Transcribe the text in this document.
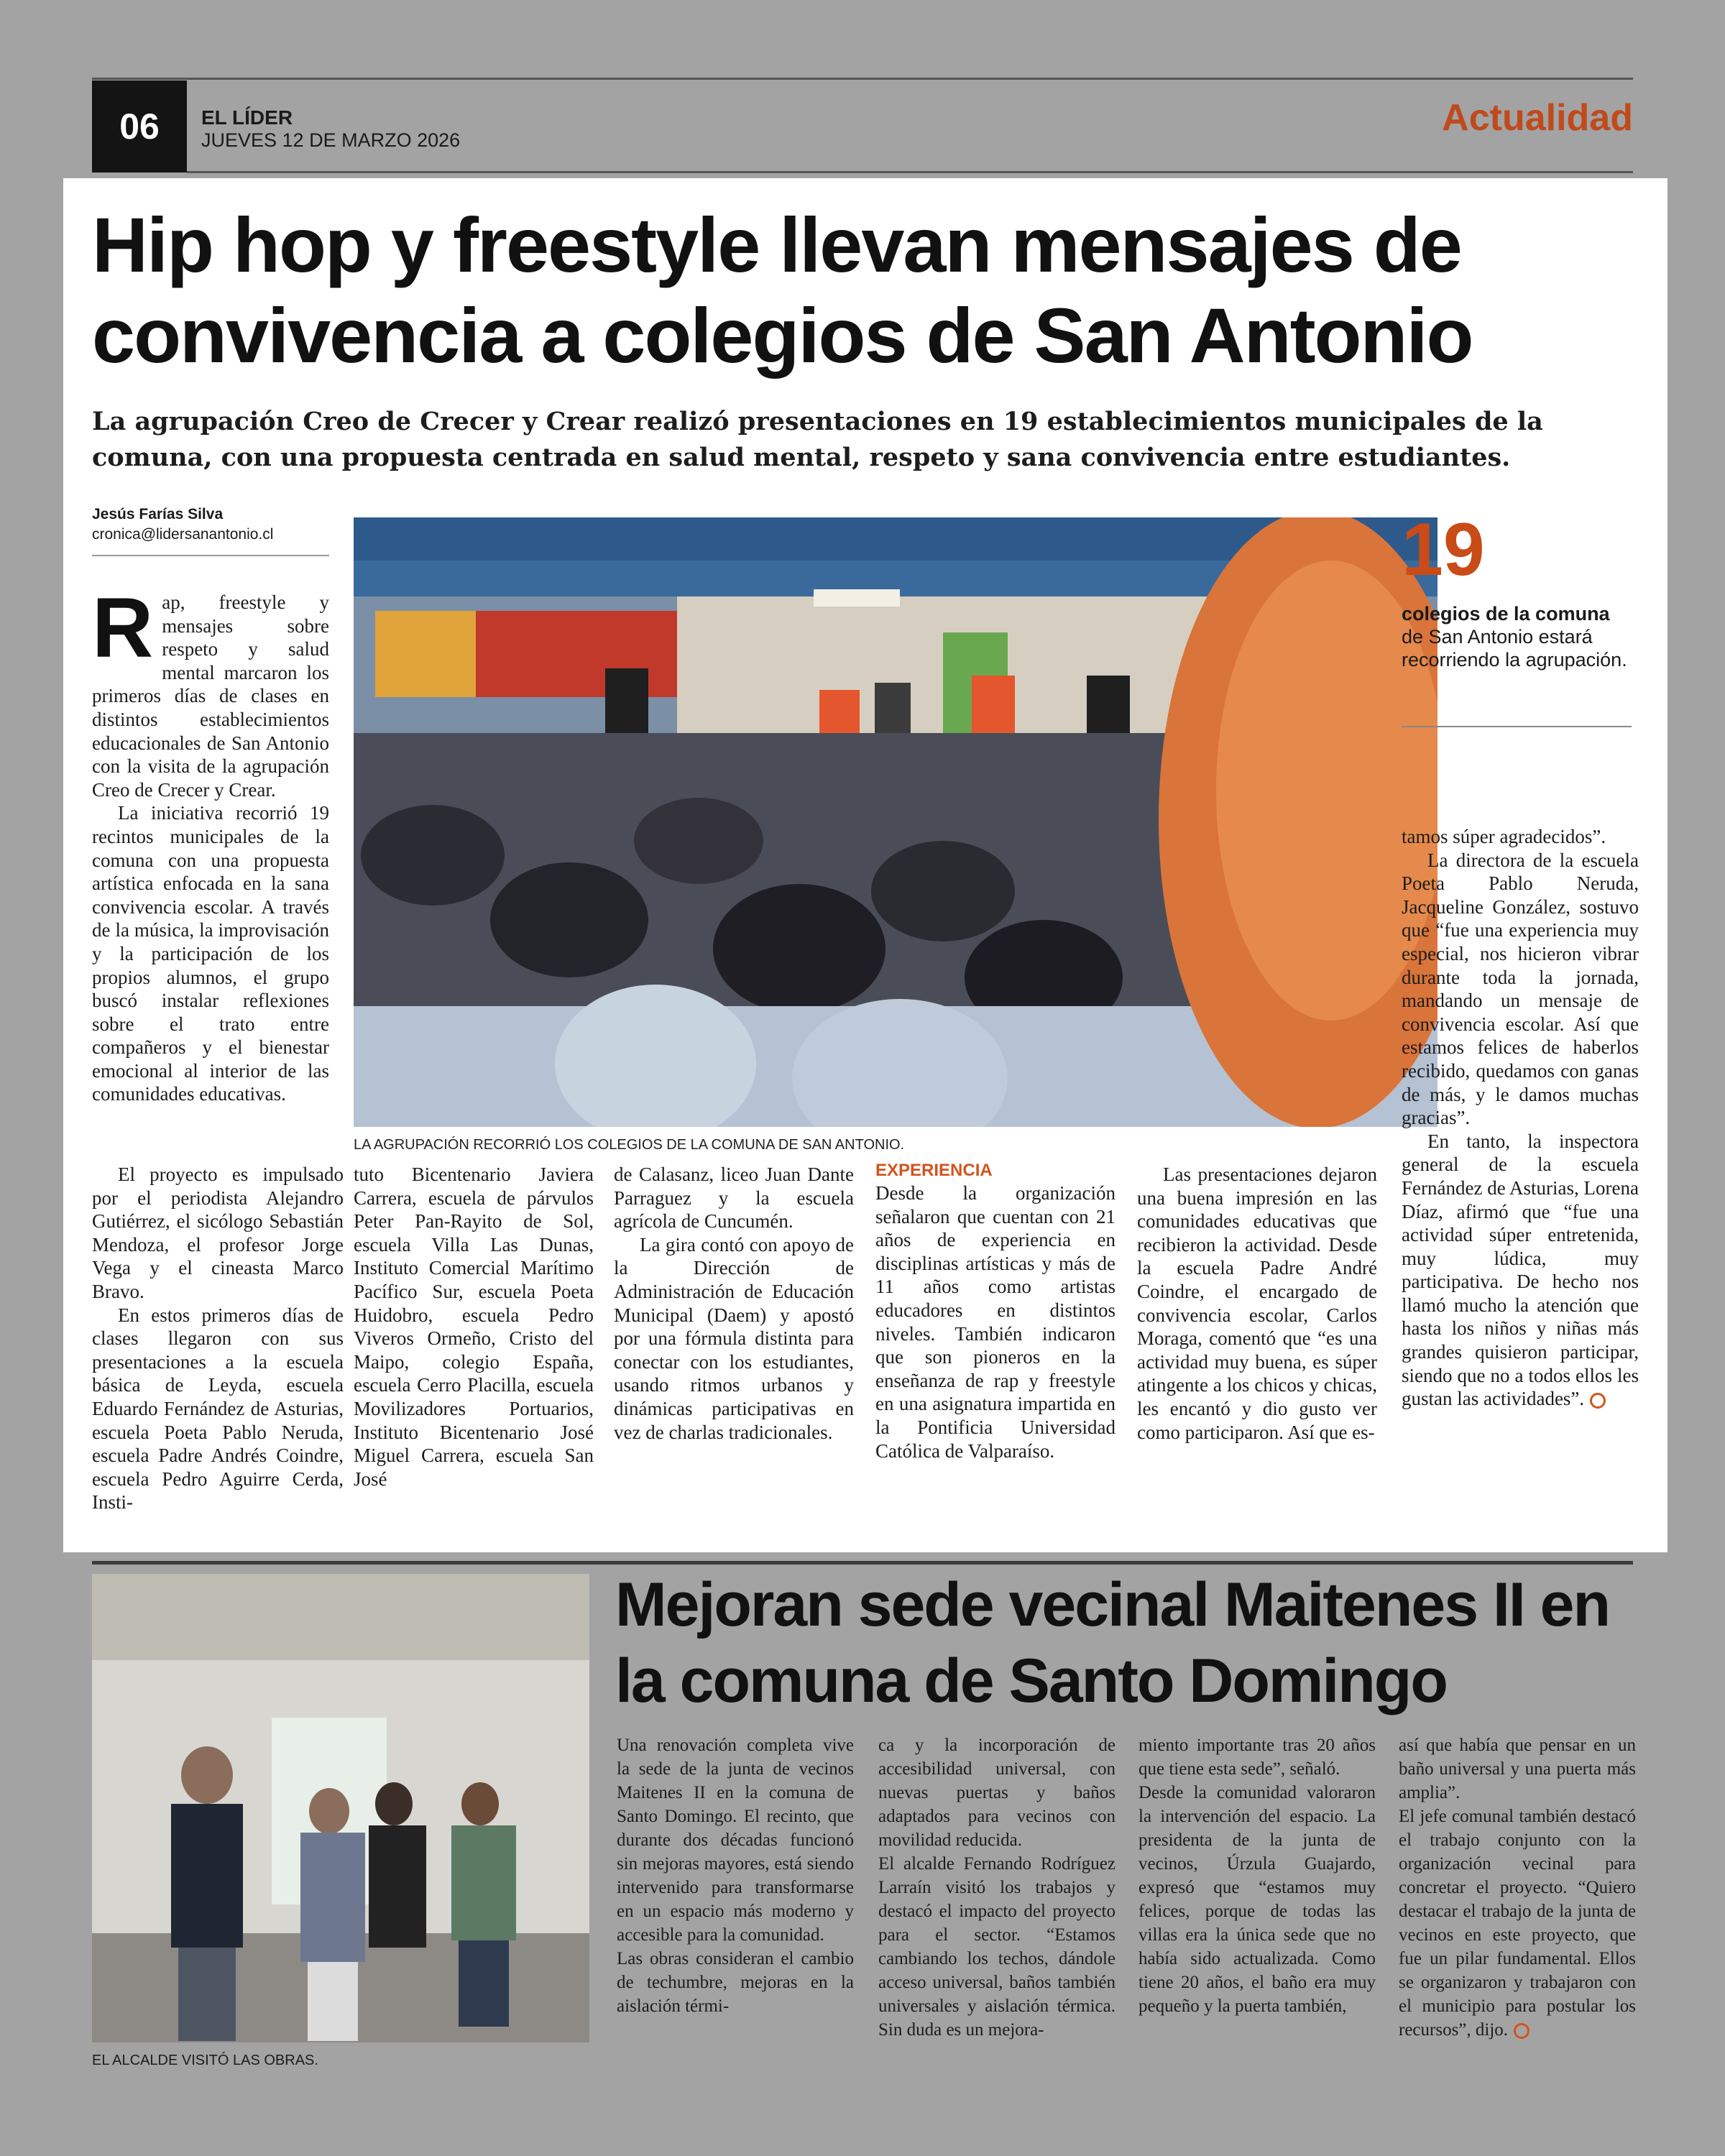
06	EL LÍDER
JUEVES 12 DE MARZO 2026
Actualidad
Hip hop y freestyle llevan mensajes de convivencia a colegios de San Antonio

La agrupación Creo de Crecer y Crear realizó presentaciones en 19 establecimientos municipales de la comuna, con una propuesta centrada en salud mental, respeto y sana convivencia entre estudiantes.

Jesús Farías Silva
cronica@lidersanantonio.cl
LA AGRUPACIÓN RECORRIÓ LOS COLEGIOS DE LA COMUNA DE SAN ANTONIO.
19
colegios de la comuna
de San Antonio estará recorriendo la agrupación.

Rap, freestyle y mensajes sobre respeto y salud mental marcaron los primeros días de clases en distintos establecimientos educacionales de San Antonio con la visita de la agrupación Creo de Crecer y Crear.

La iniciativa recorrió 19 recintos municipales de la comuna con una propuesta artística enfocada en la sana convivencia escolar. A través de la música, la improvisación y la participación de los propios alumnos, el grupo buscó instalar reflexiones sobre el trato entre compañeros y el bienestar emocional al interior de las comunidades educativas.

El proyecto es impulsado por el periodista Alejandro Gutiérrez, el sicólogo Sebastián Mendoza, el profesor Jorge Vega y el cineasta Marco Bravo.

En estos primeros días de clases llegaron con sus presentaciones a la escuela básica de Leyda, escuela Eduardo Fernández de Asturias, escuela Poeta Pablo Neruda, escuela Padre Andrés Coindre, escuela Pedro Aguirre Cerda, Insti-

tuto Bicentenario Javiera Carrera, escuela de párvulos Peter Pan-Rayito de Sol, escuela Villa Las Dunas, Instituto Comercial Marítimo Pacífico Sur, escuela Poeta Huidobro, escuela Pedro Viveros Ormeño, Cristo del Maipo, colegio España, escuela Cerro Placilla, escuela Movilizadores Portuarios, Instituto Bicentenario José Miguel Carrera, escuela San José

de Calasanz, liceo Juan Dante Parraguez y la escuela agrícola de Cuncumén.

La gira contó con apoyo de la Dirección de Administración de Educación Municipal (Daem) y apostó por una fórmula distinta para conectar con los estudiantes, usando ritmos urbanos y dinámicas participativas en vez de charlas tradicionales.

EXPERIENCIA

Desde la organización señalaron que cuentan con 21 años de experiencia en disciplinas artísticas y más de 11 años como artistas educadores en distintos niveles. También indicaron que son pioneros en la enseñanza de rap y freestyle en una asignatura impartida en la Pontificia Universidad Católica de Valparaíso.

Las presentaciones dejaron una buena impresión en las comunidades educativas que recibieron la actividad. Desde la escuela Padre André Coindre, el encargado de convivencia escolar, Carlos Moraga, comentó que “es una actividad muy buena, es súper atingente a los chicos y chicas, les encantó y dio gusto ver como participaron. Así que es-

tamos súper agradecidos”.

La directora de la escuela Poeta Pablo Neruda, Jacqueline González, sostuvo que “fue una experiencia muy especial, nos hicieron vibrar durante toda la jornada, mandando un mensaje de convivencia escolar. Así que estamos felices de haberlos recibido, quedamos con ganas de más, y le damos muchas gracias”.

En tanto, la inspectora general de la escuela Fernández de Asturias, Lorena Díaz, afirmó que “fue una actividad súper entretenida, muy lúdica, muy participativa. De hecho nos llamó mucho la atención que hasta los niños y niñas más grandes quisieron participar, siendo que no a todos ellos les gustan las actividades”.

EL ALCALDE VISITÓ LAS OBRAS.
Mejoran sede vecinal Maitenes II en la comuna de Santo Domingo

Una renovación completa vive la sede de la junta de vecinos Maitenes II en la comuna de Santo Domingo. El recinto, que durante dos décadas funcionó sin mejoras mayores, está siendo intervenido para transformarse en un espacio más moderno y accesible para la comunidad.

Las obras consideran el cambio de techumbre, mejoras en la aislación térmi-

ca y la incorporación de accesibilidad universal, con nuevas puertas y baños adaptados para vecinos con movilidad reducida.

El alcalde Fernando Rodríguez Larraín visitó los trabajos y destacó el impacto del proyecto para el sector. “Estamos cambiando los techos, dándole acceso universal, baños también universales y aislación térmica. Sin duda es un mejora-

miento importante tras 20 años que tiene esta sede”, señaló.

Desde la comunidad valoraron la intervención del espacio. La presidenta de la junta de vecinos, Úrzula Guajardo, expresó que “estamos muy felices, porque de todas las villas era la única sede que no había sido actualizada. Como tiene 20 años, el baño era muy pequeño y la puerta también,

así que había que pensar en un baño universal y una puerta más amplia”.

El jefe comunal también destacó el trabajo conjunto con la organización vecinal para concretar el proyecto. “Quiero destacar el trabajo de la junta de vecinos en este proyecto, que fue un pilar fundamental. Ellos se organizaron y trabajaron con el municipio para postular los recursos”, dijo.
